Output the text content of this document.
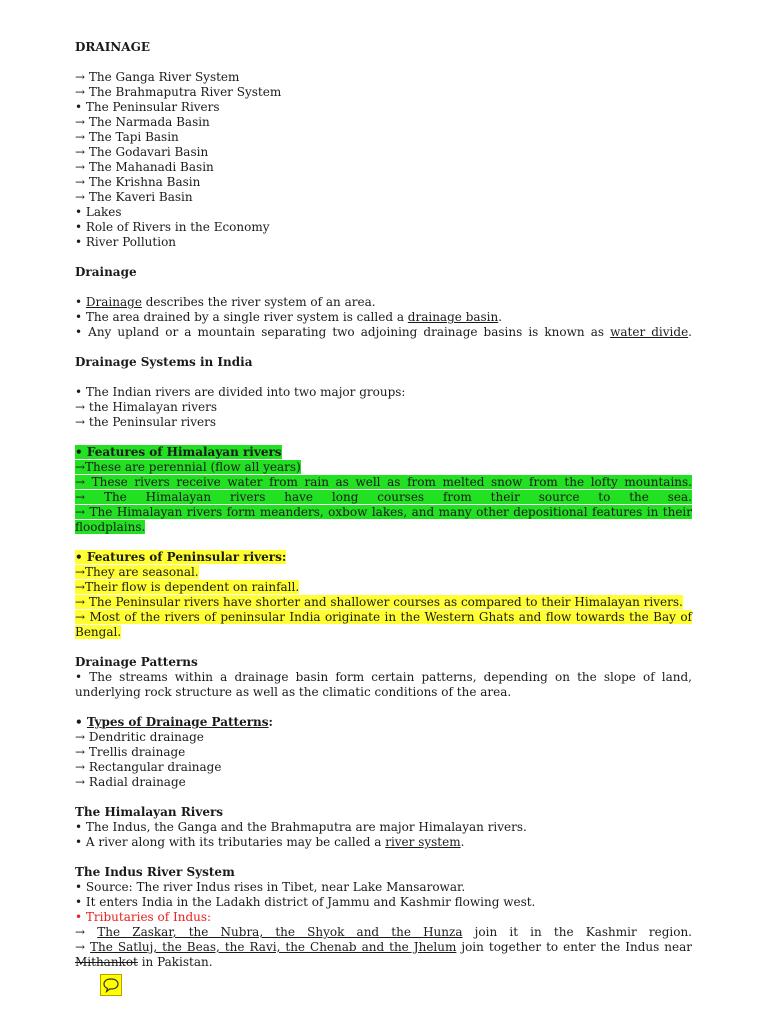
DRAINAGE
→ The Ganga River System
→ The Brahmaputra River System
• The Peninsular Rivers
→ The Narmada Basin
→ The Tapi Basin
→ The Godavari Basin
→ The Mahanadi Basin
→ The Krishna Basin
→ The Kaveri Basin
• Lakes
• Role of Rivers in the Economy
• River Pollution
Drainage
• Drainage describes the river system of an area.
• The area drained by a single river system is called a drainage basin.
• Any upland or a mountain separating two adjoining drainage basins is known as water divide.
Drainage Systems in India
• The Indian rivers are divided into two major groups:
→ the Himalayan rivers
→ the Peninsular rivers
• Features of Himalayan rivers
→These are perennial (flow all years)
→ These rivers receive water from rain as well as from melted snow from the lofty mountains.
→ The Himalayan rivers have long courses from their source to the sea.
→ The Himalayan rivers form meanders, oxbow lakes, and many other depositional features in their
floodplains.
• Features of Peninsular rivers:
→They are seasonal.
→Their flow is dependent on rainfall.
→ The Peninsular rivers have shorter and shallower courses as compared to their Himalayan rivers.
→ Most of the rivers of peninsular India originate in the Western Ghats and flow towards the Bay of
Bengal.
Drainage Patterns
• The streams within a drainage basin form certain patterns, depending on the slope of land,
underlying rock structure as well as the climatic conditions of the area.
• Types of Drainage Patterns:
→ Dendritic drainage
→ Trellis drainage
→ Rectangular drainage
→ Radial drainage
The Himalayan Rivers
• The Indus, the Ganga and the Brahmaputra are major Himalayan rivers.
• A river along with its tributaries may be called a river system.
The Indus River System
• Source: The river Indus rises in Tibet, near Lake Mansarowar.
• It enters India in the Ladakh district of Jammu and Kashmir flowing west.
• Tributaries of Indus:
→ The Zaskar, the Nubra, the Shyok and the Hunza join it in the Kashmir region.
→ The Satluj, the Beas, the Ravi, the Chenab and the Jhelum join together to enter the Indus near
Mithankot in Pakistan.
